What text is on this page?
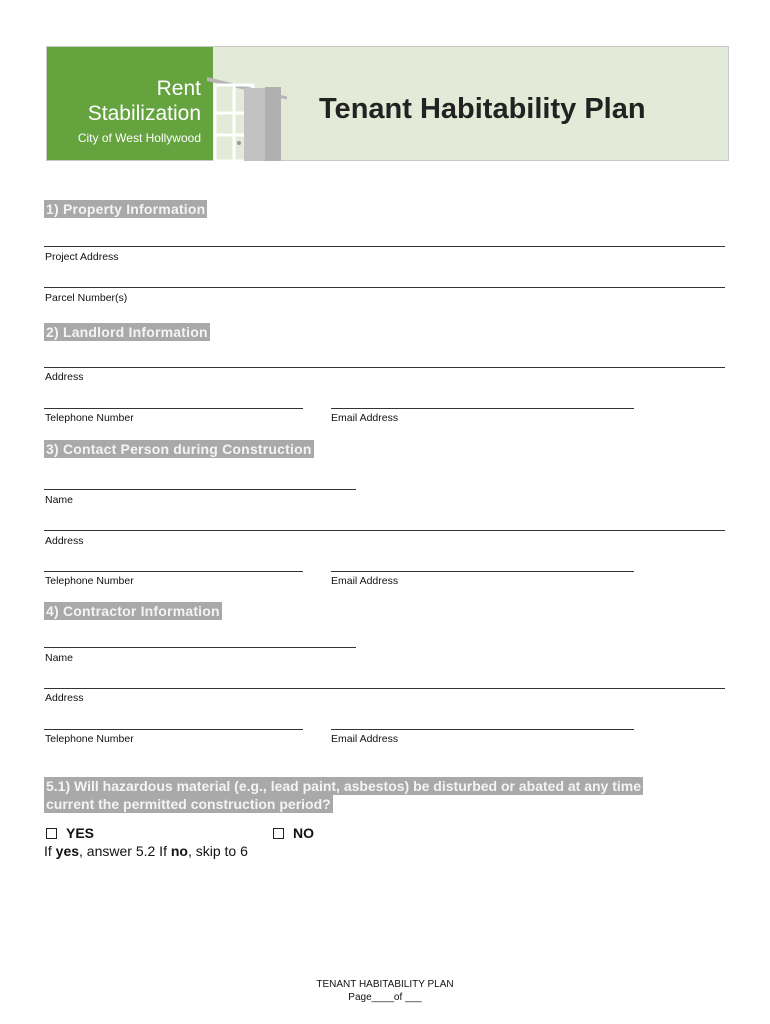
Rent
Stabilization
City of West Hollywood
Tenant Habitability Plan
1) Property Information
Project Address
Parcel Number(s)
2) Landlord Information
Address
Telephone Number	Email Address
3) Contact Person during Construction
Name
Address
Telephone Number	Email Address
4) Contractor Information
Name
Address
Telephone Number	Email Address
5.1) Will hazardous material (e.g., lead paint, asbestos) be disturbed or abated at any time
current the permitted construction period?
YES	NO
If yes, answer 5.2 If no, skip to 6
TENANT HABITABILITY PLAN
Page____of ___
